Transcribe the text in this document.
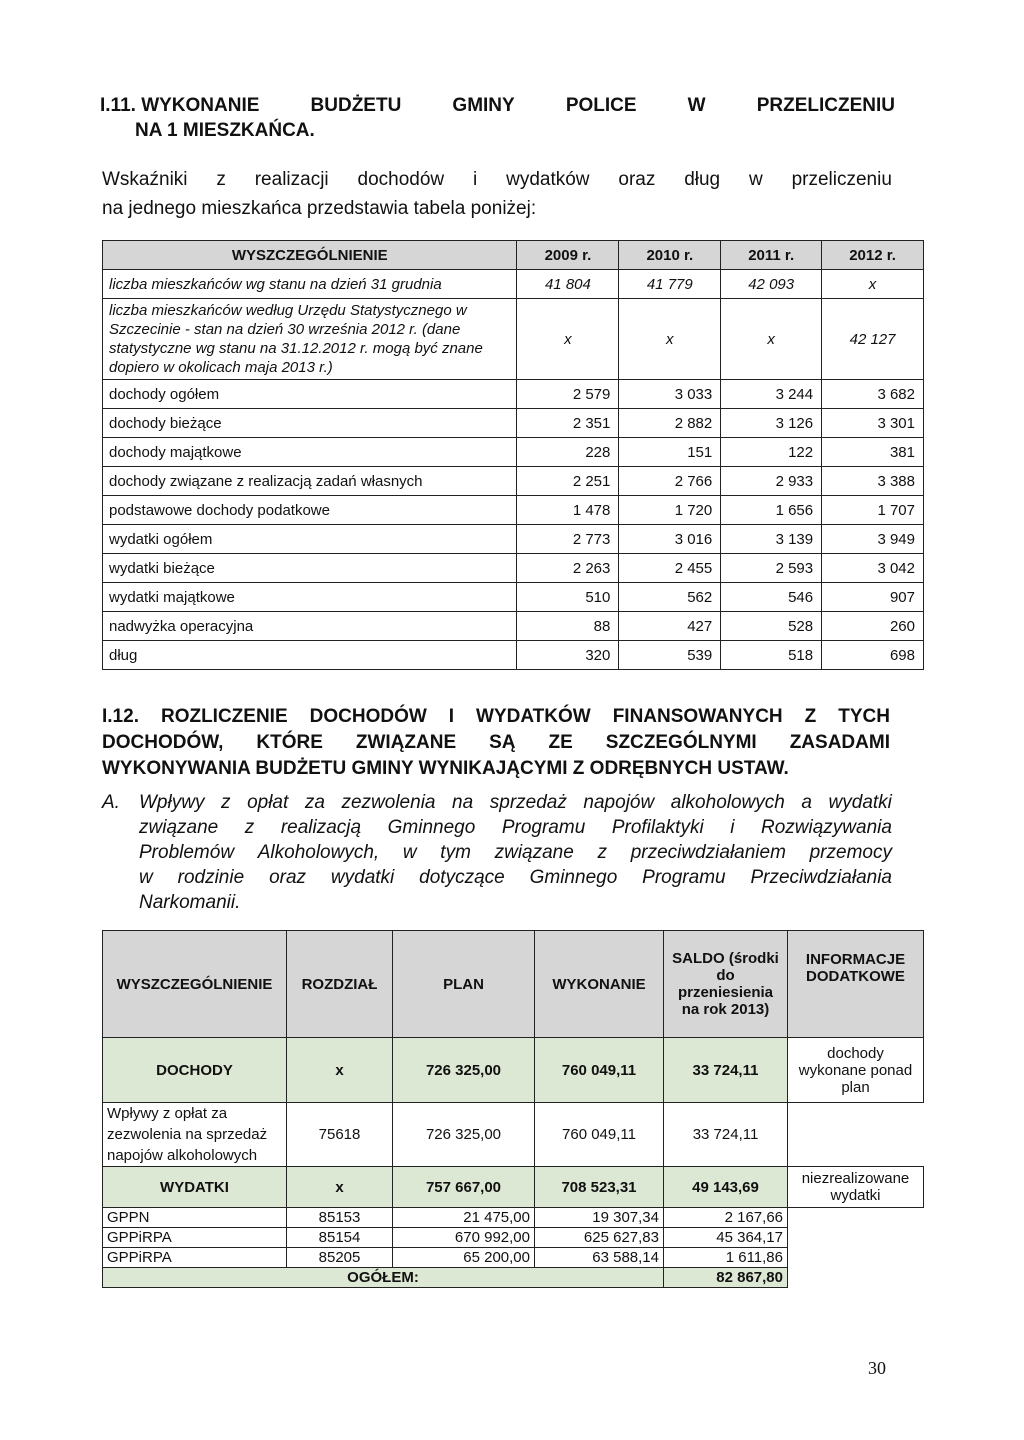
I.11. WYKONANIE	BUDŻETU	GMINY	POLICE	W	PRZELICZENIU
NA 1 MIESZKAŃCA.
Wskaźniki z realizacji dochodów i wydatków oraz dług w przeliczeniu
na jednego mieszkańca przedstawia tabela poniżej:
WYSZCZEGÓLNIENIE	2009 r.	2010 r.	2011 r.	2012 r.
liczba mieszkańców wg stanu na dzień 31 grudnia	41 804	41 779	42 093	x
liczba mieszkańców według Urzędu Statystycznego w Szczecinie - stan na dzień 30 września 2012 r. (dane statystyczne wg stanu na 31.12.2012 r. mogą być znane dopiero w okolicach maja 2013 r.)	x	x	x	42 127
dochody ogółem	2 579	3 033	3 244	3 682
dochody bieżące	2 351	2 882	3 126	3 301
dochody majątkowe	228	151	122	381
dochody związane z realizacją zadań własnych	2 251	2 766	2 933	3 388
podstawowe dochody podatkowe	1 478	1 720	1 656	1 707
wydatki ogółem	2 773	3 016	3 139	3 949
wydatki bieżące	2 263	2 455	2 593	3 042
wydatki majątkowe	510	562	546	907
nadwyżka operacyjna	88	427	528	260
dług	320	539	518	698
I.12. ROZLICZENIE DOCHODÓW I WYDATKÓW FINANSOWANYCH Z TYCH
DOCHODÓW, KTÓRE ZWIĄZANE SĄ ZE SZCZEGÓLNYMI ZASADAMI
WYKONYWANIA BUDŻETU GMINY WYNIKAJĄCYMI Z ODRĘBNYCH USTAW.
A. Wpływy z opłat za zezwolenia na sprzedaż napojów alkoholowych a wydatki
związane z realizacją Gminnego Programu Profilaktyki i Rozwiązywania
Problemów Alkoholowych, w tym związane z przeciwdziałaniem przemocy
w rodzinie oraz wydatki dotyczące Gminnego Programu Przeciwdziałania
Narkomanii.
WYSZCZEGÓLNIENIE	ROZDZIAŁ	PLAN	WYKONANIE	SALDO (środki do przeniesienia na rok 2013)	INFORMACJE DODATKOWE
DOCHODY	x	726 325,00	760 049,11	33 724,11	dochody wykonane ponad plan
Wpływy z opłat za zezwolenia na sprzedaż napojów alkoholowych	75618	726 325,00	760 049,11	33 724,11	
WYDATKI	x	757 667,00	708 523,31	49 143,69	niezrealizowane wydatki
GPPN	85153	21 475,00	19 307,34	2 167,66	
GPPiRPA	85154	670 992,00	625 627,83	45 364,17	
GPPiRPA	85205	65 200,00	63 588,14	1 611,86	
OGÓŁEM:				82 867,80	
30
